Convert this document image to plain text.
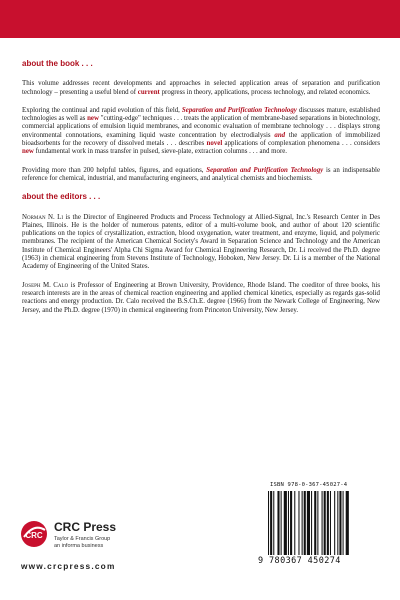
about the book . . .

This volume addresses recent developments and approaches in selected application areas of separation and purification technology – presenting a useful blend of current progress in theory, applications, process technology, and related economics.

Exploring the continual and rapid evolution of this field, Separation and Purification Technology discusses mature, established technologies as well as new "cutting-edge" techniques . . . treats the application of membrane-based separations in biotechnology, commercial applications of emulsion liquid membranes, and economic evaluation of membrane technology . . . displays strong environmental connotations, examining liquid waste concentration by electrodialysis and the application of immobilized bioadsorbents for the recovery of dissolved metals . . . describes novel applications of complexation phenomena . . . considers new fundamental work in mass transfer in pulsed, sieve-plate, extraction columns . . . and more.

Providing more than 200 helpful tables, figures, and equations, Separation and Purification Technology is an indispensable reference for chemical, industrial, and manufacturing engineers, and analytical chemists and biochemists.

about the editors . . .

Norman N. Li is the Director of Engineered Products and Process Technology at Allied-Signal, Inc.'s Research Center in Des Plaines, Illinois. He is the holder of numerous patents, editor of a multi-volume book, and author of about 120 scientific publications on the topics of crystallization, extraction, blood oxygenation, water treatment, and enzyme, liquid, and polymeric membranes. The recipient of the American Chemical Society's Award in Separation Science and Technology and the American Institute of Chemical Engineers' Alpha Chi Sigma Award for Chemical Engineering Research, Dr. Li received the Ph.D. degree (1963) in chemical engineering from Stevens Institute of Technology, Hoboken, New Jersey. Dr. Li is a member of the National Academy of Engineering of the United States.

Joseph M. Calo is Professor of Engineering at Brown University, Providence, Rhode Island. The coeditor of three books, his research interests are in the areas of chemical reaction engineering and applied chemical kinetics, especially as regards gas-solid reactions and energy production. Dr. Calo received the B.S.Ch.E. degree (1966) from the Newark College of Engineering, New Jersey, and the Ph.D. degree (1970) in chemical engineering from Princeton University, New Jersey.

CRC
CRC Press
Taylor & Francis Group
an informa business
www.crcpress.com
ISBN 978-0-367-45027-4
9 780367 450274
